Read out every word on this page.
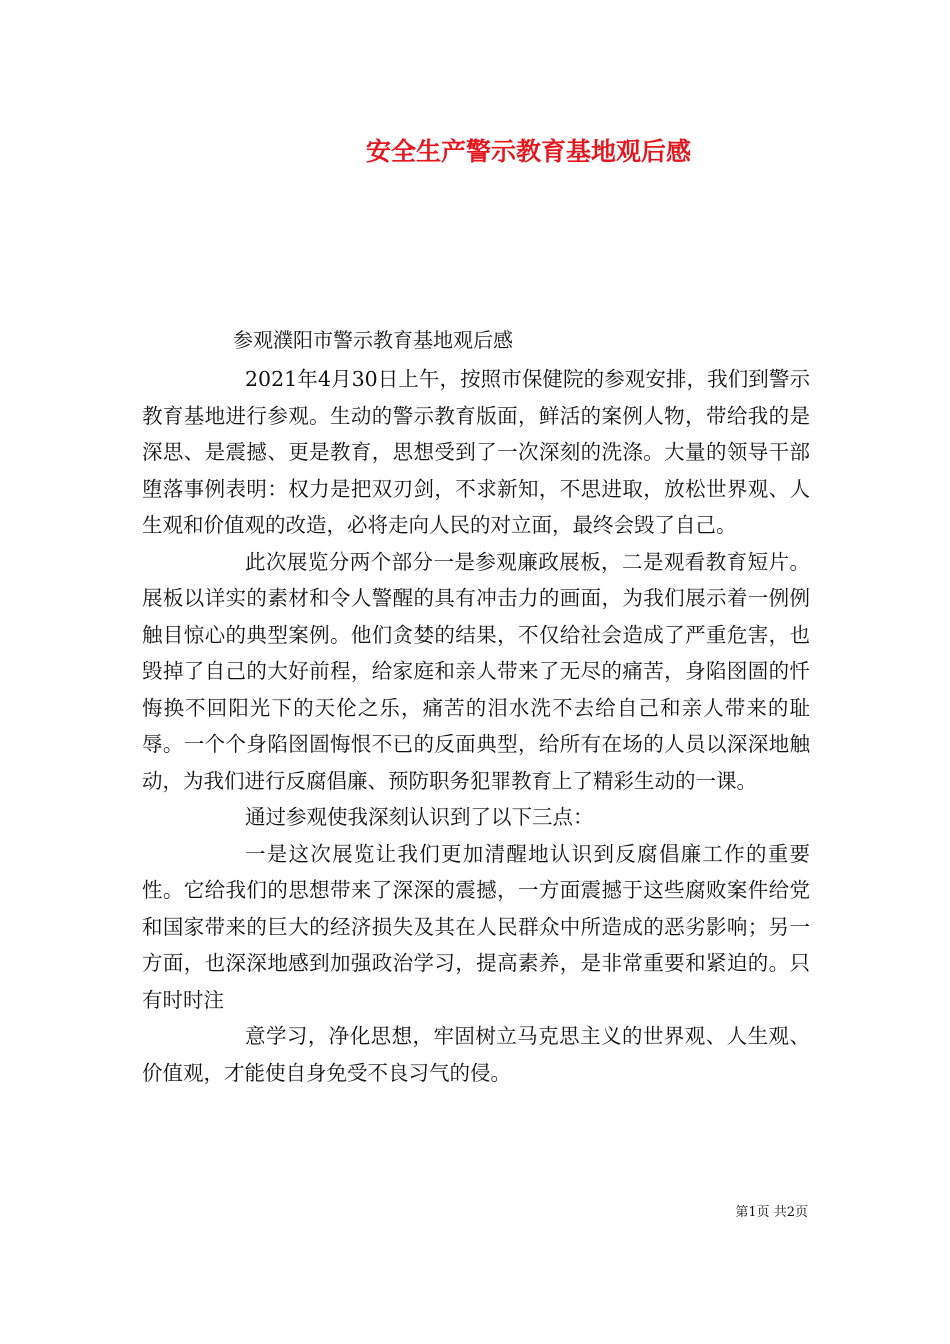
安全生产警示教育基地观后感
参观濮阳市警示教育基地观后感

2021年4月30日上午，按照市保健院的参观安排，我们到警示教育基地进行参观。生动的警示教育版面，鲜活的案例人物，带给我的是深思、是震撼、更是教育，思想受到了一次深刻的洗涤。大量的领导干部堕落事例表明：权力是把双刃剑，不求新知，不思进取，放松世界观、人生观和价值观的改造，必将走向人民的对立面，最终会毁了自己。

此次展览分两个部分一是参观廉政展板，二是观看教育短片。展板以详实的素材和令人警醒的具有冲击力的画面，为我们展示着一例例触目惊心的典型案例。他们贪婪的结果，不仅给社会造成了严重危害，也毁掉了自己的大好前程，给家庭和亲人带来了无尽的痛苦，身陷囹圄的忏悔换不回阳光下的天伦之乐，痛苦的泪水洗不去给自己和亲人带来的耻辱。一个个身陷囹圄悔恨不已的反面典型，给所有在场的人员以深深地触动，为我们进行反腐倡廉、预防职务犯罪教育上了精彩生动的一课。

通过参观使我深刻认识到了以下三点：

一是这次展览让我们更加清醒地认识到反腐倡廉工作的重要性。它给我们的思想带来了深深的震撼，一方面震撼于这些腐败案件给党和国家带来的巨大的经济损失及其在人民群众中所造成的恶劣影响；另一方面，也深深地感到加强政治学习，提高素养，是非常重要和紧迫的。只有时时注

意学习，净化思想，牢固树立马克思主义的世界观、人生观、价值观，才能使自身免受不良习气的侵。

第1页 共2页
